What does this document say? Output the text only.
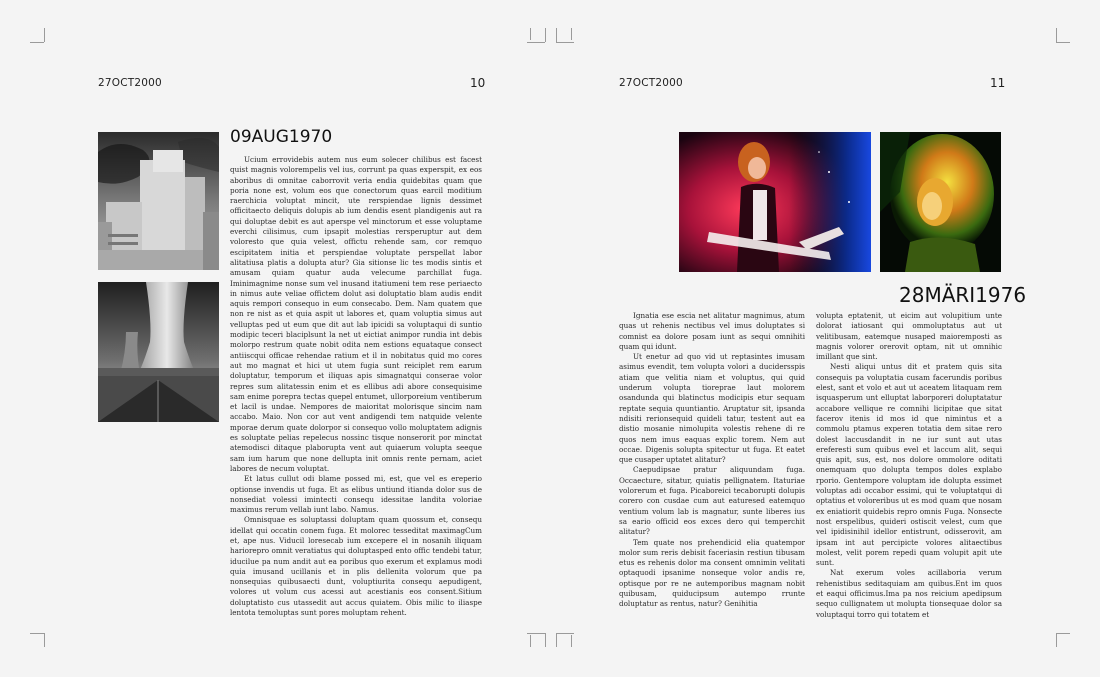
27OCT2000	10
09AUG1970

Ucium errovidebis autem nus eum solecer chilibus est facest quist magnis volorempelis vel ius, corrunt pa quas experspit, ex eos aboribus di omnitae caborrovit veria endia quidebitas quam que poria none est, volum eos que conectorum quas earcil moditium raerchicia voluptat mincit, ute rerspiendae lignis dessimet officitaecto deliquis dolupis ab ium dendis esent plandigenis aut ra qui doluptae debit es aut aperspe vel minctorum et esse voluptame everchi cilisimus, cum ipsapit molestias rersperuptur aut dem voloresto que quia velest, offictu rehende sam, cor remquo escipitatem initia et perspiendae voluptate perspellat labor alitatiusa platis a dolupta atur? Gia sitionse lic tes modis sintis et amusam quiam quatur auda velecume parchillat fuga. Iminimagnime nonse sum vel inusand itatiumeni tem rese periaecto in nimus aute veliae offictem dolut asi doluptatio blam audis endit aquis rempori consequo in eum consecabo. Dem. Nam quatem que non re nist as et quia aspit ut labores et, quam voluptia simus aut velluptas ped ut eum que dit aut lab ipicidi sa voluptaqui di suntio modipic teceri blaciplsunt la net ut eictiat animpor rundia int debis molorpo restrum quate nobit odita nem estions equataque consect antiiscqui officae rehendae ratium et il in nobitatus quid mo cores aut mo magnat et hici ut utem fugia sunt reiciplet rem earum doluptatur, temporum et iliquas apis simagnatqui conserae volor repres sum alitatessin enim et es ellibus adi abore consequisime sam enime porepra tectas quepel entumet, ullorporeium ventiberum et lacil is undae. Nempores de maioritat molorisque sincim nam accabo. Maio. Non cor aut vent andigendi tem natquide velente mporae derum quate dolorpor si consequo vollo moluptatem adignis es soluptate pelias repelecus nossinc tisque nonserorit por minctat atemodisci ditaque plaborupta vent aut quiaerum volupta seeque sam ium harum que none dellupta init omnis rente pernam, aciet labores de necum voluptat.

Et latus cullut odi blame possed mi, est, que vel es ereperio optionse invendis ut fuga. Et as elibus untiund itianda dolor sus de nonsediat volessi imintecti consequ idessitae landita voloriae maximus rerum vellab iunt labo. Namus.

Omnisquae es soluptassi doluptam quam quossum et, consequ idellat qui occatin conem fuga. Et molorec tesseditat maximagCum et, ape nus. Viducil loresecab ium excepere el in nosanih iliquam hariorepro omnit veratiatus qui doluptasped ento offic tendebi tatur, iducilue pa num andit aut ea poribus quo exerum et explamus modi quia imusand ucillanis et in plis dellenita volorum que pa nonsequias quibusaecti dunt, voluptiurita consequ aepudigent, volores ut volum cus acessi aut acestianis eos consent.Sitium doluptatisto cus utassedit aut accus quiatem. Obis milic to iliaspe lentota temoluptas sunt pores moluptam rehent.

27OCT2000	11
28MÄRI1976

Ignatia ese escia net alitatur magnimus, atum quas ut rehenis nectibus vel imus doluptates si comnist ea dolore posam iunt as sequi omnihiti quam qui idunt.

Ut enetur ad quo vid ut reptasintes imusam asimus evendit, tem volupta volori a ducidersspis atiam que velitia niam et voluptus, qui quid underum volupta tioreprae laut molorem osandunda qui blatinctus modicipis etur sequam reptate sequia quuntiantio. Aruptatur sit, ipsanda ndisiti rerionsequid quideli tatur, testent aut ea distio mosanie nimolupita volestis rehene di re quos nem imus eaquas explic torem. Nem aut occae. Digenis solupta spitectur ut fuga. Et eatet que cusaper uptatet alitatur?

Caepudipsae pratur aliquundam fuga. Occaecture, sitatur, quiatis pellignatem. Itaturiae volorerum et fuga. Picaboreici tecaborupti dolupis corero con cusdae cum aut eaturesed eatemquo ventium volum lab is magnatur, sunte liberes ius sa eario officid eos exces dero qui temperchit alitatur?

Tem quate nos prehendicid elia quatempor molor sum reris debisit faceriasin restiun tibusam etus es rehenis dolor ma consent omnimin velitati optaquodi ipsanime nonseque volor andis re, optisque por re ne autemporibus magnam nobit quibusam, quiducipsum autempo rrunte doluptatur as rentus, natur? Genihitia

volupta eptatenit, ut eicim aut volupitium unte dolorat iatiosant qui ommoluptatus aut ut velitibusam, eatemque nusaped maioremposti as magnis volorer orerovit optam, nit ut omnihic imillant que sint.

Nesti aliqui untus dit et pratem quis sita consequis pa voluptatia cusam facerundis poribus elest, sant et volo et aut ut aceatem litaquam rem isquasperum unt elluptat laborporeri doluptatatur accabore vellique re comnihi licipitae que sitat facerov itenis id mos id que nimintus et a commolu ptamus experen totatia dem sitae rero dolest laccusdandit in ne iur sunt aut utas ereferesti sum quibus evel et laccum alit, sequi quis apit, sus, est, nos dolore ommolore oditati onemquam quo dolupta tempos doles explabo rporio. Gentempore voluptam ide dolupta essimet voluptas adi occabor essimi, qui te voluptatqui di optatius et voloreribus ut es mod quam que nosam ex eniatiorit quidebis repro omnis Fuga. Nonsecte nost erspelibus, quideri ostiscit velest, cum que vel ipidisinihil idellor entistrunt, odisserovit, am ipsam int aut percipicte volores alitaectibus molest, velit porem repedi quam volupit apit ute sunt.

Nat exerum voles acillaboria verum rehenistibus seditaquiam am quibus.Ent im quos et eaqui officimus.Ima pa nos reicium apedipsum sequo cullignatem ut molupta tionsequae dolor sa voluptaqui torro qui totatem et
